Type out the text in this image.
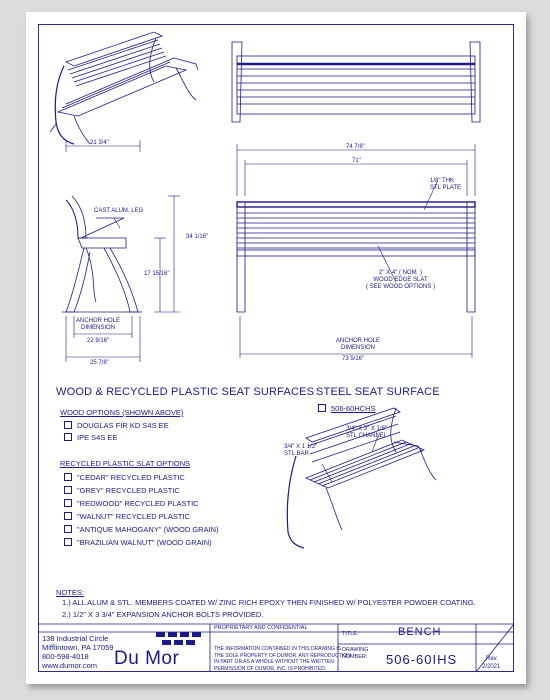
21 3/4"
34 1/16"
17 15/16"
22 9/16"
25 7/8"
74 7/8"
71"
73 5/16"
CAST ALUM. LEG
ANCHOR HOLE
DIMENSION
ANCHOR HOLE
DIMENSION
1/8" THK
STL PLATE
2" X 4" ( NOM. )
WOOD EDGE SLAT
( SEE WOOD OPTIONS )
3/4" X 3" X 1/8"
STL CHANNEL
3/4" X 1 1/2"
STL BAR
WOOD & RECYCLED PLASTIC SEAT SURFACES
WOOD OPTIONS (SHOWN ABOVE)
DOUGLAS FIR KD S4S EE
IPE S4S EE
RECYCLED PLASTIC SLAT OPTIONS
"CEDAR" RECYCLED PLASTIC
"GREY" RECYCLED PLASTIC
"REDWOOD" RECYCLED PLASTIC
"WALNUT" RECYCLED PLASTIC
"ANTIQUE MAHOGANY" (WOOD GRAIN)
"BRAZILIAN WALNUT" (WOOD GRAIN)
STEEL SEAT SURFACE
506-60HCHS
NOTES:
1.) ALL ALUM & STL. MEMBERS COATED W/ ZINC RICH EPOXY THEN FINISHED W/ POLYESTER POWDER COATING.
2.) 1/2" X 3 3/4" EXPANSION ANCHOR BOLTS PROVIDED.
138 Industrial Circle
Mifflintown, PA 17059
800-598-4018
www.dumor.com Du Mor
PROPRIETARY AND CONFIDENTIAL
THE INFORMATION CONTAINED IN THIS DRAWING IS
THE SOLE PROPERTY OF DUMOR. ANY REPRODUCTION
IN PART OR AS A WHOLE WITHOUT THE WRITTEN
PERMISSION OF DUMOR, INC. IS PROHIBITED.
TITLE:	BENCH
DRAWING
NUMBER: 506-60IHS	Rev.
2/2021
